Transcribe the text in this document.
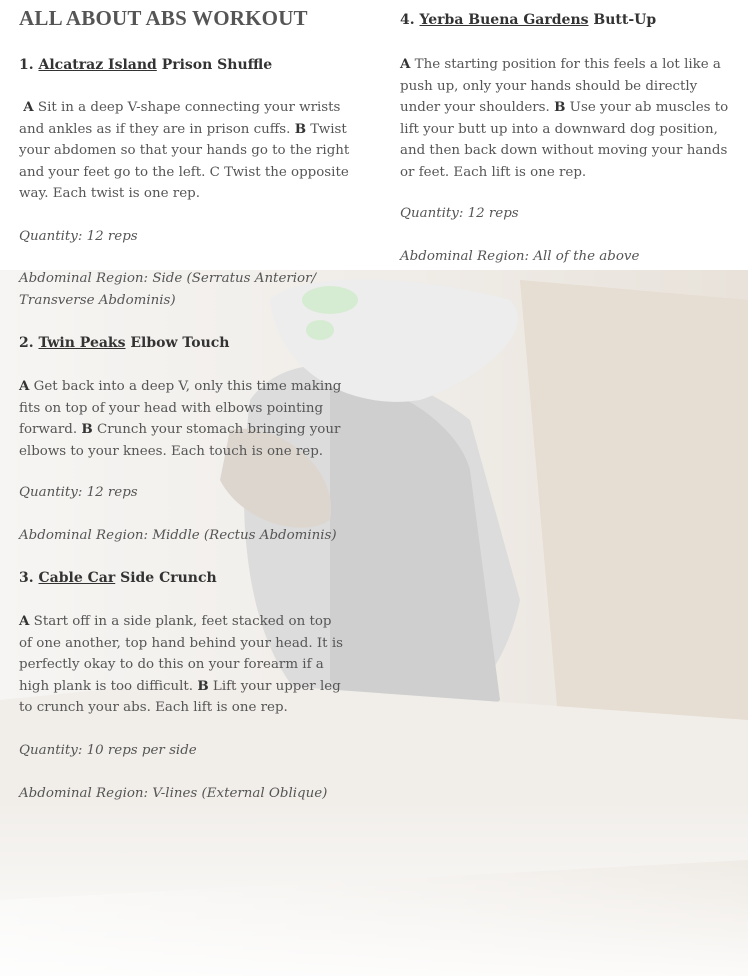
ALL ABOUT ABS WORKOUT
1. Alcatraz Island Prison Shuffle

A Sit in a deep V-shape connecting your wrists and ankles as if they are in prison cuffs. B Twist your abdomen so that your hands go to the right and your feet go to the left. C Twist the opposite way. Each twist is one rep.

Quantity: 12 reps

Abdominal Region: Side (Serratus Anterior/ Transverse Abdominis)

2. Twin Peaks Elbow Touch

A Get back into a deep V, only this time making fits on top of your head with elbows pointing forward. B Crunch your stomach bringing your elbows to your knees. Each touch is one rep.

Quantity: 12 reps

Abdominal Region: Middle (Rectus Abdominis)

3. Cable Car Side Crunch

A Start off in a side plank, feet stacked on top of one another, top hand behind your head. It is perfectly okay to do this on your forearm if a high plank is too difficult. B Lift your upper leg to crunch your abs. Each lift is one rep.

Quantity: 10 reps per side

Abdominal Region: V-lines (External Oblique)

4. Yerba Buena Gardens Butt-Up

A The starting position for this feels a lot like a push up, only your hands should be directly under your shoulders. B Use your ab muscles to lift your butt up into a downward dog position, and then back down without moving your hands or feet. Each lift is one rep.

Quantity: 12 reps

Abdominal Region: All of the above
